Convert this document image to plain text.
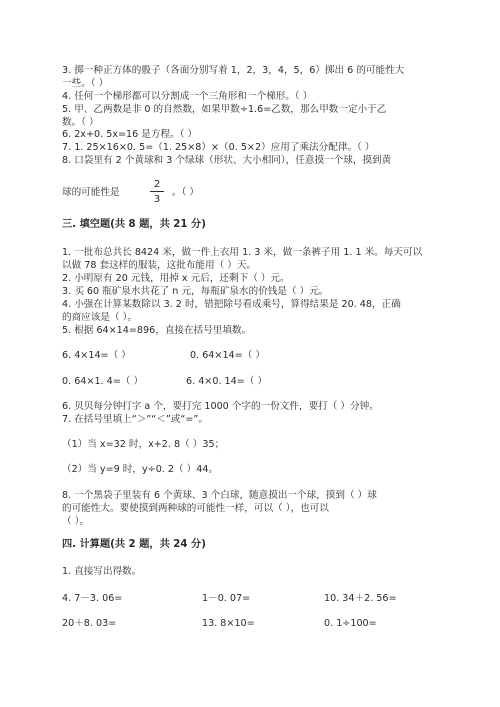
3. 掷一种正方体的骰子（各面分别写着 1，2，3，4，5，6）掷出 6 的可能性大
一些。（ ）
4. 任何一个梯形都可以分割成一个三角形和一个梯形。（ ）
5. 甲、乙两数是非 0 的自然数，如果甲数÷1.6=乙数，那么甲数一定小于乙
数。（ ）
6. 2x+0. 5x=16 是方程。（ ）
7. 1. 25×16×0. 5=（1. 25×8）×（0. 5×2）应用了乘法分配律。（ ）
8. 口袋里有 2 个黄球和 3 个绿球（形状、大小相同），任意摸一个球，摸到黄
球的可能性是
2
3
。（ ）
三. 填空题(共 8 题，共 21 分)
1. 一批布总共长 8424 米，做一件上衣用 1. 3 米，做一条裤子用 1. 1 米。每天可以
以做 78 套这样的服装，这批布能用（ ）天。
2. 小明原有 20 元钱，用掉 x 元后，还剩下（ ）元。
3. 买 60 瓶矿泉水共花了 n 元，每瓶矿泉水的价钱是（ ）元。
4. 小强在计算某数除以 3. 2 时，错把除号看成乘号，算得结果是 20. 48，正确
的商应该是（ ）。
5. 根据 64×14=896，直接在括号里填数。
6. 4×14=（ ）	0. 64×14=（ ）
0. 64×1. 4=（ ）	6. 4×0. 14=（ ）
6. 贝贝每分钟打字 a 个，要打完 1000 个字的一份文件，要打（ ）分钟。
7. 在括号里填上“＞”“＜”或“=”。
（1）当 x=32 时，x+2. 8（ ）35；
（2）当 y=9 时，y÷0. 2（ ）44。
8. 一个黑袋子里装有 6 个黄球、3 个白球，随意摸出一个球，摸到（ ）球
的可能性大。要使摸到两种球的可能性一样，可以（ ），也可以
（ ）。
四. 计算题(共 2 题，共 24 分)
1. 直接写出得数。
4. 7－3. 06=	1－0. 07=	10. 34＋2. 56=
20＋8. 03=	13. 8×10=	0. 1÷100=
